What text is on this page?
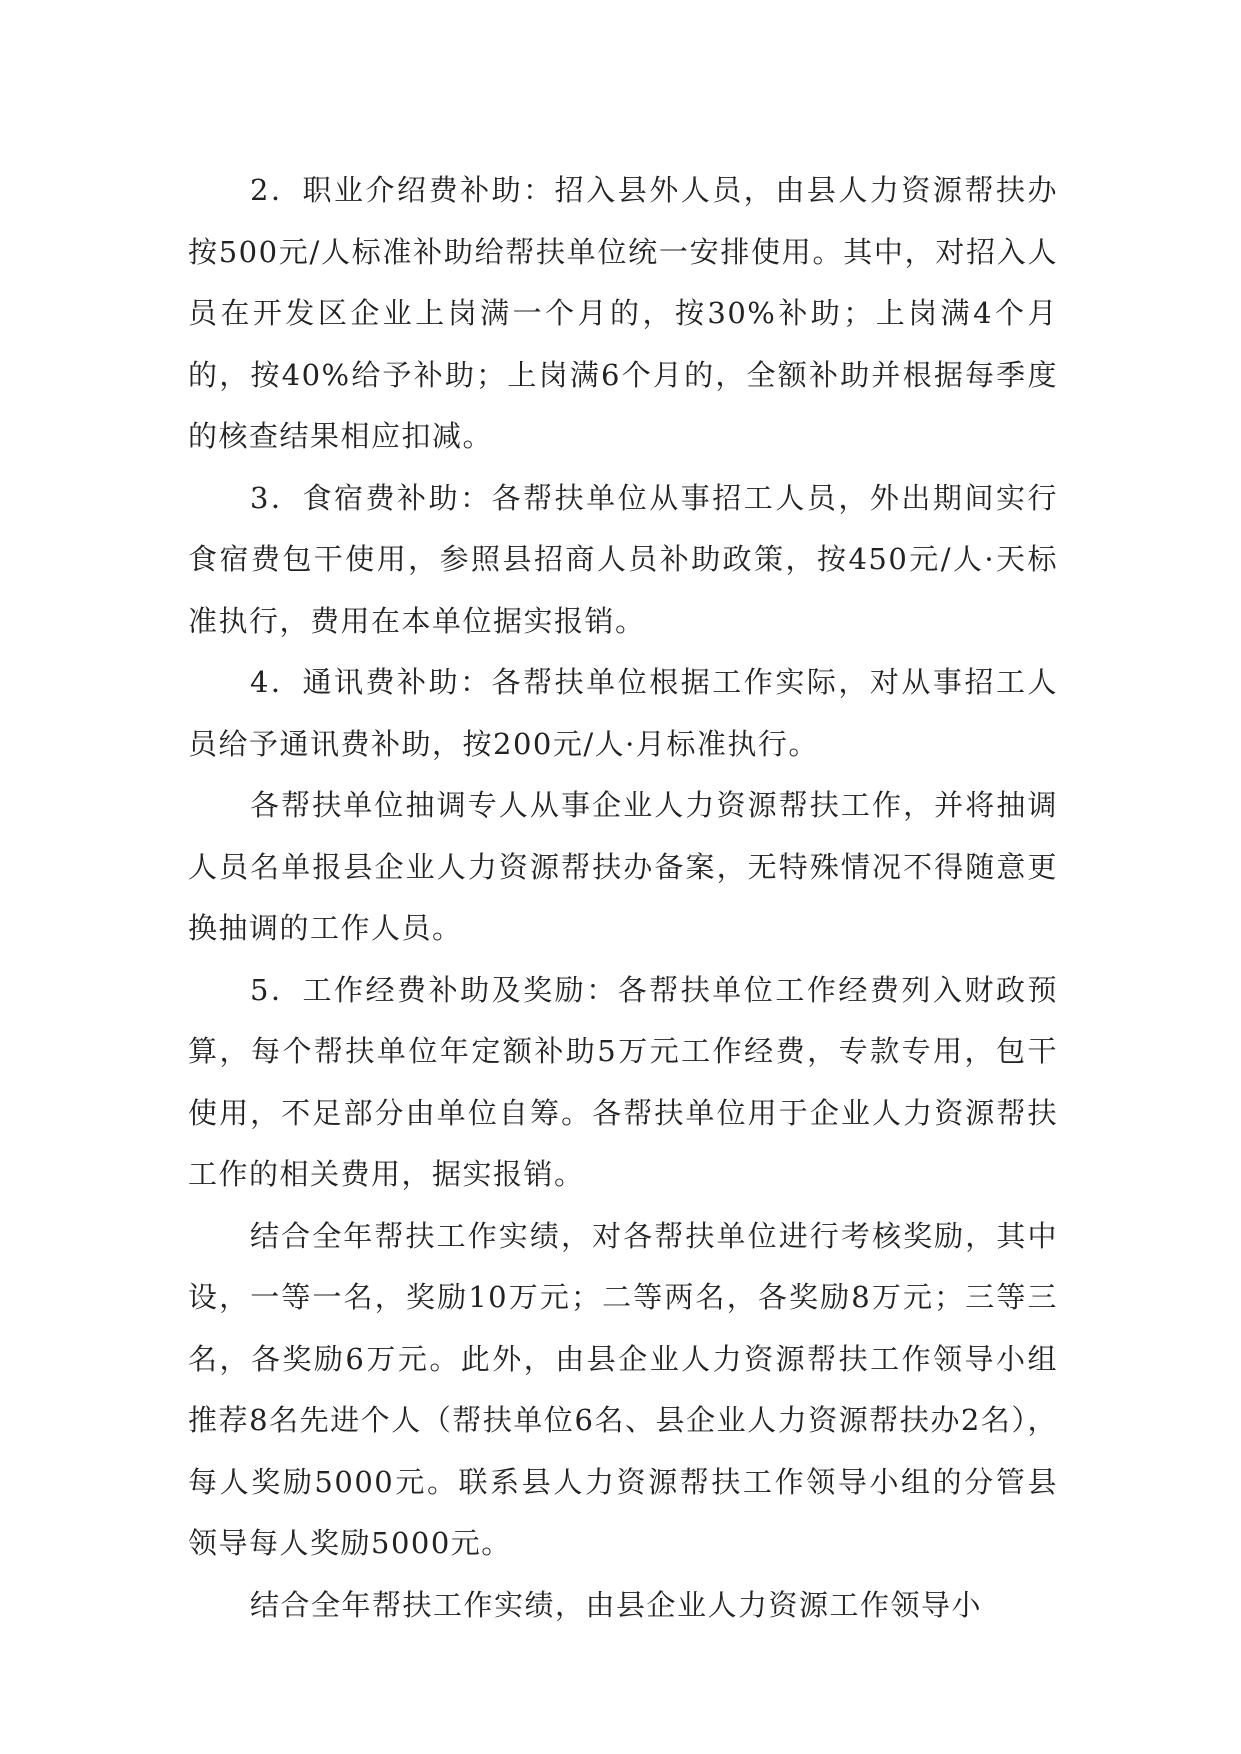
2．职业介绍费补助：招入县外人员，由县人力资源帮扶办按500元/人标准补助给帮扶单位统一安排使用。其中，对招入人员在开发区企业上岗满一个月的，按30%补助；上岗满4个月的，按40%给予补助；上岗满6个月的，全额补助并根据每季度的核查结果相应扣减。

3．食宿费补助：各帮扶单位从事招工人员，外出期间实行食宿费包干使用，参照县招商人员补助政策，按450元/人·天标准执行，费用在本单位据实报销。

4．通讯费补助：各帮扶单位根据工作实际，对从事招工人员给予通讯费补助，按200元/人·月标准执行。

各帮扶单位抽调专人从事企业人力资源帮扶工作，并将抽调人员名单报县企业人力资源帮扶办备案，无特殊情况不得随意更换抽调的工作人员。

5．工作经费补助及奖励：各帮扶单位工作经费列入财政预算，每个帮扶单位年定额补助5万元工作经费，专款专用，包干使用，不足部分由单位自筹。各帮扶单位用于企业人力资源帮扶工作的相关费用，据实报销。

结合全年帮扶工作实绩，对各帮扶单位进行考核奖励，其中设，一等一名，奖励10万元；二等两名，各奖励8万元；三等三名，各奖励6万元。此外，由县企业人力资源帮扶工作领导小组推荐8名先进个人（帮扶单位6名、县企业人力资源帮扶办2名），每人奖励5000元。联系县人力资源帮扶工作领导小组的分管县领导每人奖励5000元。

结合全年帮扶工作实绩，由县企业人力资源工作领导小
